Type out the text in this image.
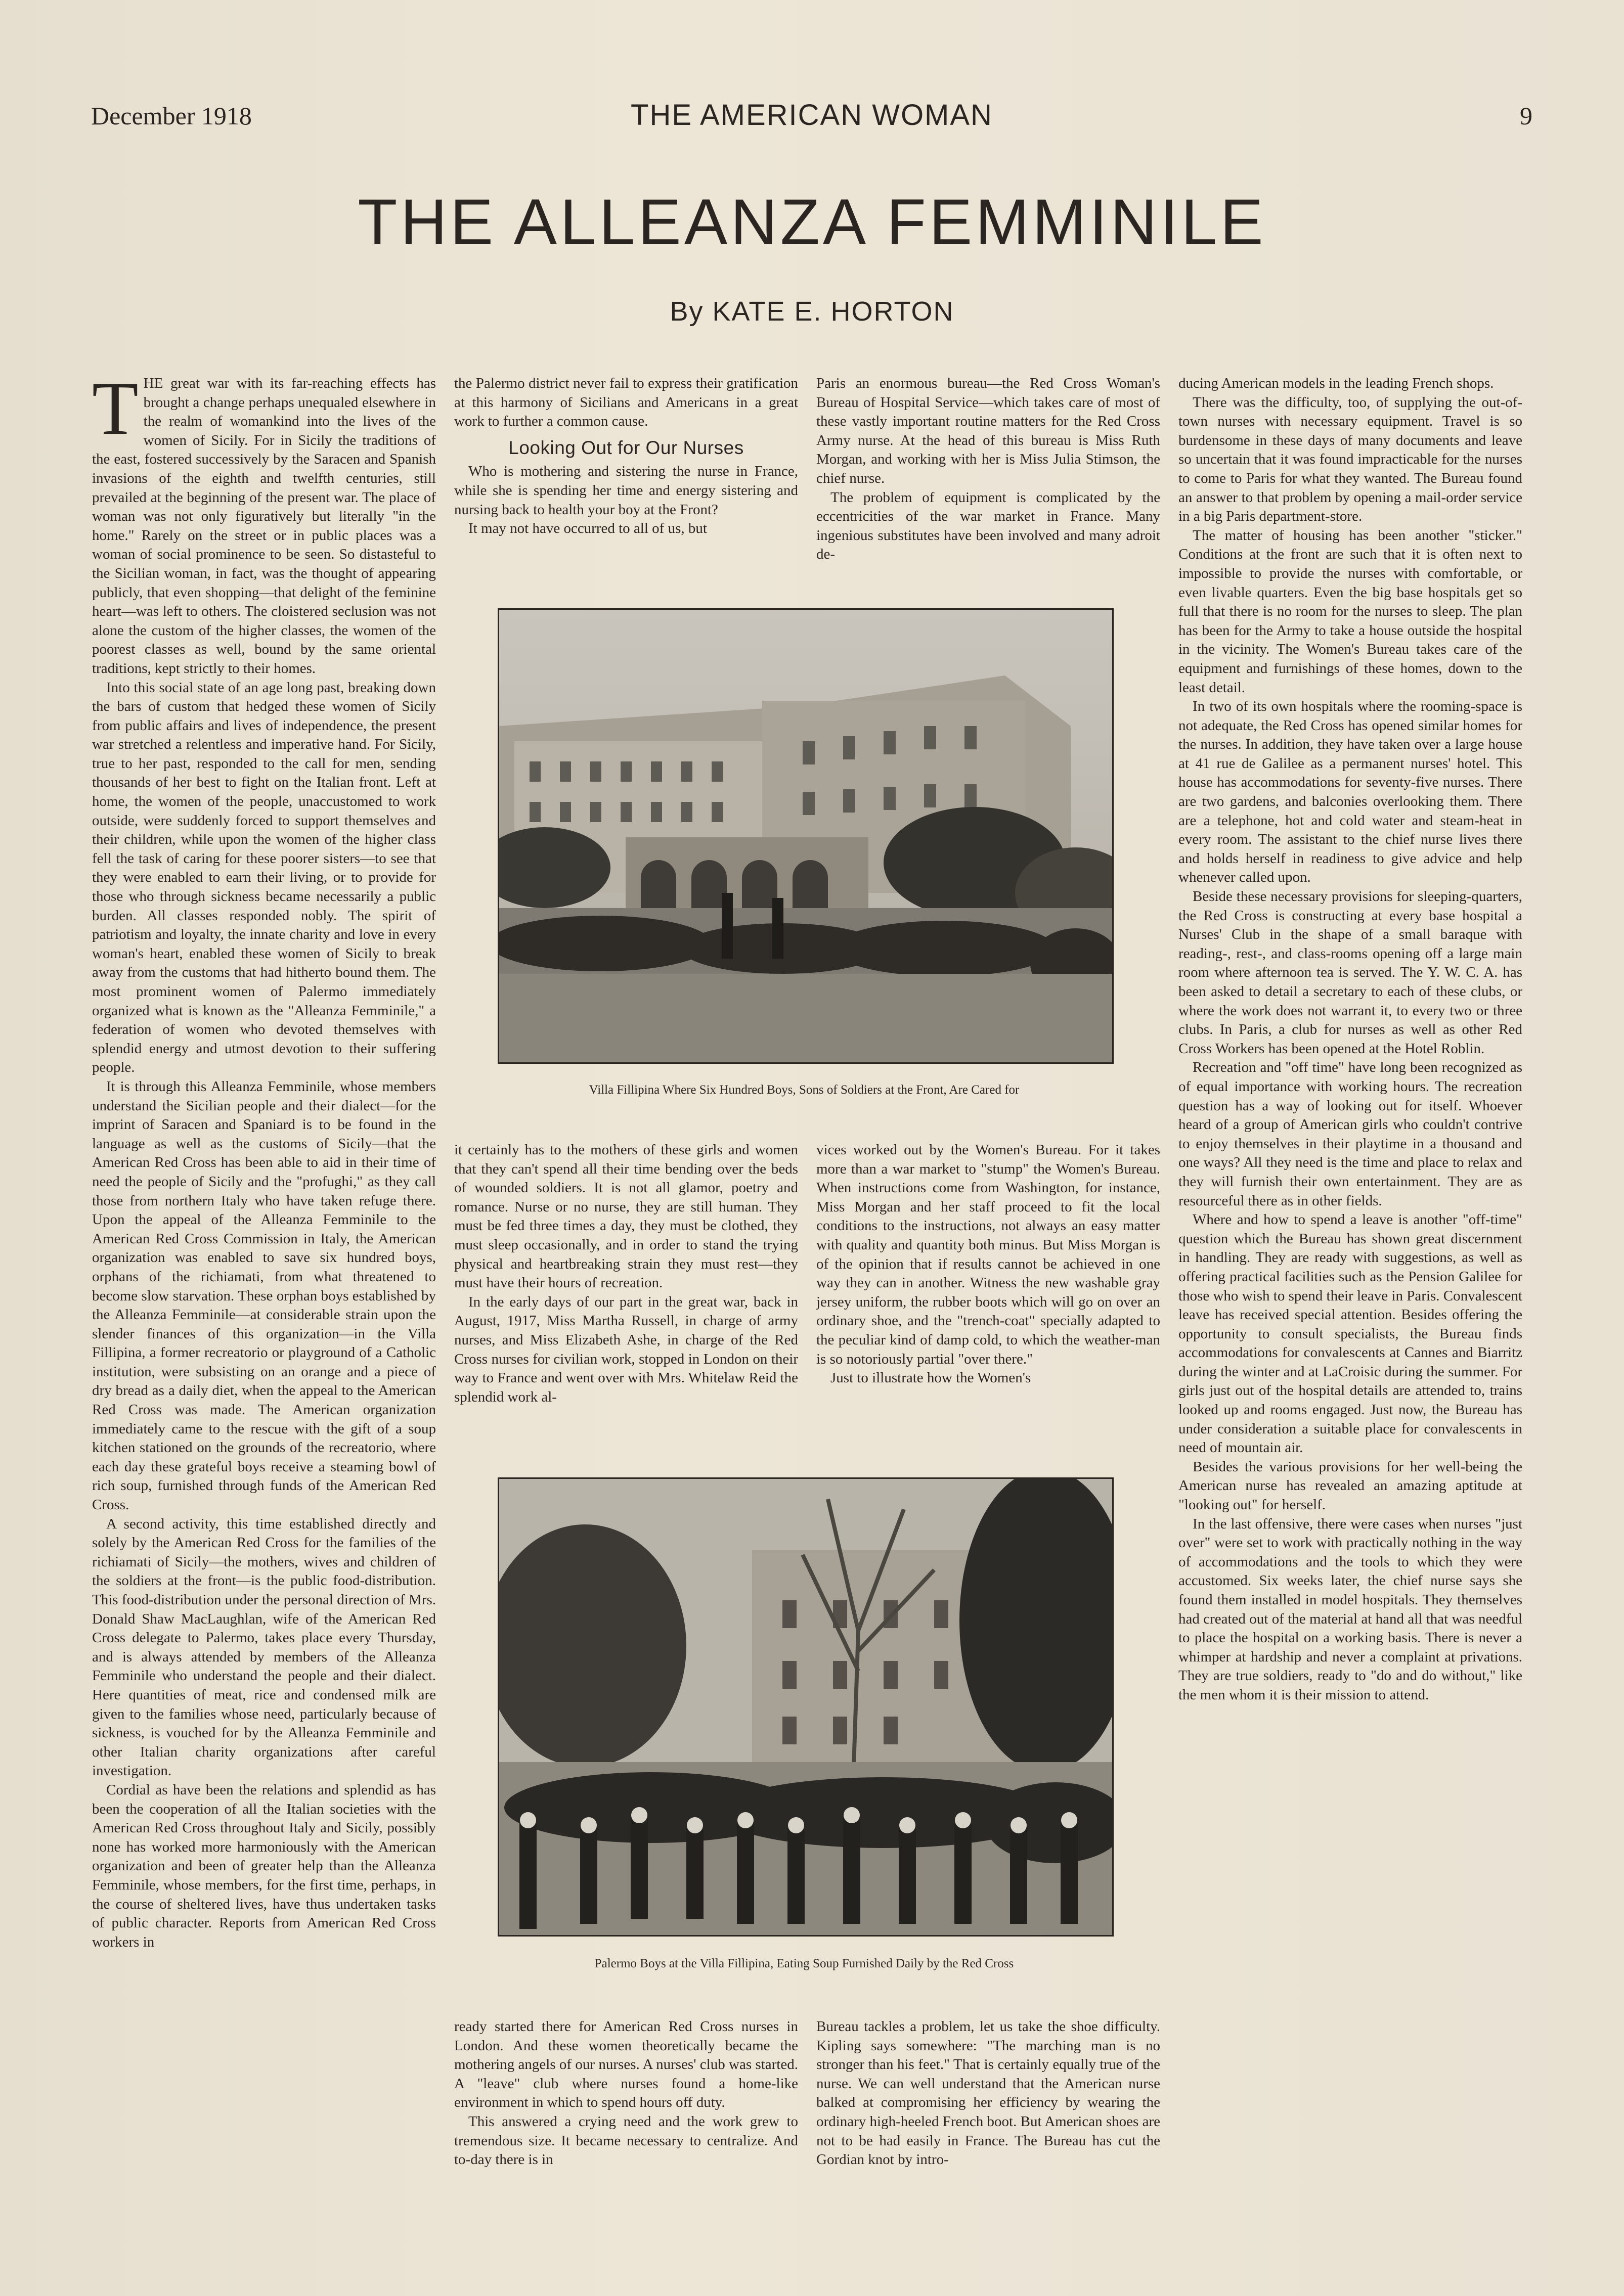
December 1918	THE AMERICAN WOMAN	9
THE ALLEANZA FEMMINILE
By KATE E. HORTON

THE great war with its far-reaching effects has brought a change perhaps unequaled elsewhere in the realm of womankind into the lives of the women of Sicily. For in Sicily the traditions of the east, fostered successively by the Saracen and Spanish invasions of the eighth and twelfth centuries, still prevailed at the beginning of the present war. The place of woman was not only figuratively but literally "in the home." Rarely on the street or in public places was a woman of social prominence to be seen. So distasteful to the Sicilian woman, in fact, was the thought of appearing publicly, that even shopping—that delight of the feminine heart—was left to others. The cloistered seclusion was not alone the custom of the higher classes, the women of the poorest classes as well, bound by the same oriental traditions, kept strictly to their homes.

Into this social state of an age long past, breaking down the bars of custom that hedged these women of Sicily from public affairs and lives of independence, the present war stretched a relentless and imperative hand. For Sicily, true to her past, responded to the call for men, sending thousands of her best to fight on the Italian front. Left at home, the women of the people, unaccustomed to work outside, were suddenly forced to support themselves and their children, while upon the women of the higher class fell the task of caring for these poorer sisters—to see that they were enabled to earn their living, or to provide for those who through sickness became necessarily a public burden. All classes responded nobly. The spirit of patriotism and loyalty, the innate charity and love in every woman's heart, enabled these women of Sicily to break away from the customs that had hitherto bound them. The most prominent women of Palermo immediately organized what is known as the "Alleanza Femminile," a federation of women who devoted themselves with splendid energy and utmost devotion to their suffering people.

It is through this Alleanza Femminile, whose members understand the Sicilian people and their dialect—for the imprint of Saracen and Spaniard is to be found in the language as well as the customs of Sicily—that the American Red Cross has been able to aid in their time of need the people of Sicily and the "profughi," as they call those from northern Italy who have taken refuge there. Upon the appeal of the Alleanza Femminile to the American Red Cross Commission in Italy, the American organization was enabled to save six hundred boys, orphans of the richiamati, from what threatened to become slow starvation. These orphan boys established by the Alleanza Femminile—at considerable strain upon the slender finances of this organization—in the Villa Fillipina, a former recreatorio or playground of a Catholic institution, were subsisting on an orange and a piece of dry bread as a daily diet, when the appeal to the American Red Cross was made. The American organization immediately came to the rescue with the gift of a soup kitchen stationed on the grounds of the recreatorio, where each day these grateful boys receive a steaming bowl of rich soup, furnished through funds of the American Red Cross.

A second activity, this time established directly and solely by the American Red Cross for the families of the richiamati of Sicily—the mothers, wives and children of the soldiers at the front—is the public food-distribution. This food-distribution under the personal direction of Mrs. Donald Shaw MacLaughlan, wife of the American Red Cross delegate to Palermo, takes place every Thursday, and is always attended by members of the Alleanza Femminile who understand the people and their dialect. Here quantities of meat, rice and condensed milk are given to the families whose need, particularly because of sickness, is vouched for by the Alleanza Femminile and other Italian charity organizations after careful investigation.

Cordial as have been the relations and splendid as has been the cooperation of all the Italian societies with the American Red Cross throughout Italy and Sicily, possibly none has worked more harmoniously with the American organization and been of greater help than the Alleanza Femminile, whose members, for the first time, perhaps, in the course of sheltered lives, have thus undertaken tasks of public character. Reports from American Red Cross workers in

the Palermo district never fail to express their gratification at this harmony of Sicilians and Americans in a great work to further a common cause.

Looking Out for Our Nurses

Who is mothering and sistering the nurse in France, while she is spending her time and energy sistering and nursing back to health your boy at the Front?

It may not have occurred to all of us, but

Paris an enormous bureau—the Red Cross Woman's Bureau of Hospital Service—which takes care of most of these vastly important routine matters for the Red Cross Army nurse. At the head of this bureau is Miss Ruth Morgan, and working with her is Miss Julia Stimson, the chief nurse.

The problem of equipment is complicated by the eccentricities of the war market in France. Many ingenious substitutes have been involved and many adroit de-

Villa Fillipina Where Six Hundred Boys, Sons of Soldiers at the Front, Are Cared for

it certainly has to the mothers of these girls and women that they can't spend all their time bending over the beds of wounded soldiers. It is not all glamor, poetry and romance. Nurse or no nurse, they are still human. They must be fed three times a day, they must be clothed, they must sleep occasionally, and in order to stand the trying physical and heartbreaking strain they must rest—they must have their hours of recreation.

In the early days of our part in the great war, back in August, 1917, Miss Martha Russell, in charge of army nurses, and Miss Elizabeth Ashe, in charge of the Red Cross nurses for civilian work, stopped in London on their way to France and went over with Mrs. Whitelaw Reid the splendid work al-

vices worked out by the Women's Bureau. For it takes more than a war market to "stump" the Women's Bureau. When instructions come from Washington, for instance, Miss Morgan and her staff proceed to fit the local conditions to the instructions, not always an easy matter with quality and quantity both minus. But Miss Morgan is of the opinion that if results cannot be achieved in one way they can in another. Witness the new washable gray jersey uniform, the rubber boots which will go on over an ordinary shoe, and the "trench-coat" specially adapted to the peculiar kind of damp cold, to which the weather-man is so notoriously partial "over there."

Just to illustrate how the Women's

Palermo Boys at the Villa Fillipina, Eating Soup Furnished Daily by the Red Cross

ready started there for American Red Cross nurses in London. And these women theoretically became the mothering angels of our nurses. A nurses' club was started. A "leave" club where nurses found a home-like environment in which to spend hours off duty.

This answered a crying need and the work grew to tremendous size. It became necessary to centralize. And to-day there is in

Bureau tackles a problem, let us take the shoe difficulty. Kipling says somewhere: "The marching man is no stronger than his feet." That is certainly equally true of the nurse. We can well understand that the American nurse balked at compromising her efficiency by wearing the ordinary high-heeled French boot. But American shoes are not to be had easily in France. The Bureau has cut the Gordian knot by intro-

ducing American models in the leading French shops.

There was the difficulty, too, of supplying the out-of-town nurses with necessary equipment. Travel is so burdensome in these days of many documents and leave so uncertain that it was found impracticable for the nurses to come to Paris for what they wanted. The Bureau found an answer to that problem by opening a mail-order service in a big Paris department-store.

The matter of housing has been another "sticker." Conditions at the front are such that it is often next to impossible to provide the nurses with comfortable, or even livable quarters. Even the big base hospitals get so full that there is no room for the nurses to sleep. The plan has been for the Army to take a house outside the hospital in the vicinity. The Women's Bureau takes care of the equipment and furnishings of these homes, down to the least detail.

In two of its own hospitals where the rooming-space is not adequate, the Red Cross has opened similar homes for the nurses. In addition, they have taken over a large house at 41 rue de Galilee as a permanent nurses' hotel. This house has accommodations for seventy-five nurses. There are two gardens, and balconies overlooking them. There are a telephone, hot and cold water and steam-heat in every room. The assistant to the chief nurse lives there and holds herself in readiness to give advice and help whenever called upon.

Beside these necessary provisions for sleeping-quarters, the Red Cross is constructing at every base hospital a Nurses' Club in the shape of a small baraque with reading-, rest-, and class-rooms opening off a large main room where afternoon tea is served. The Y. W. C. A. has been asked to detail a secretary to each of these clubs, or where the work does not warrant it, to every two or three clubs. In Paris, a club for nurses as well as other Red Cross Workers has been opened at the Hotel Roblin.

Recreation and "off time" have long been recognized as of equal importance with working hours. The recreation question has a way of looking out for itself. Whoever heard of a group of American girls who couldn't contrive to enjoy themselves in their playtime in a thousand and one ways? All they need is the time and place to relax and they will furnish their own entertainment. They are as resourceful there as in other fields.

Where and how to spend a leave is another "off-time" question which the Bureau has shown great discernment in handling. They are ready with suggestions, as well as offering practical facilities such as the Pension Galilee for those who wish to spend their leave in Paris. Convalescent leave has received special attention. Besides offering the opportunity to consult specialists, the Bureau finds accommodations for convalescents at Cannes and Biarritz during the winter and at LaCroisic during the summer. For girls just out of the hospital details are attended to, trains looked up and rooms engaged. Just now, the Bureau has under consideration a suitable place for convalescents in need of mountain air.

Besides the various provisions for her well-being the American nurse has revealed an amazing aptitude at "looking out" for herself.

In the last offensive, there were cases when nurses "just over" were set to work with practically nothing in the way of accommodations and the tools to which they were accustomed. Six weeks later, the chief nurse says she found them installed in model hospitals. They themselves had created out of the material at hand all that was needful to place the hospital on a working basis. There is never a whimper at hardship and never a complaint at privations. They are true soldiers, ready to "do and do without," like the men whom it is their mission to attend.
